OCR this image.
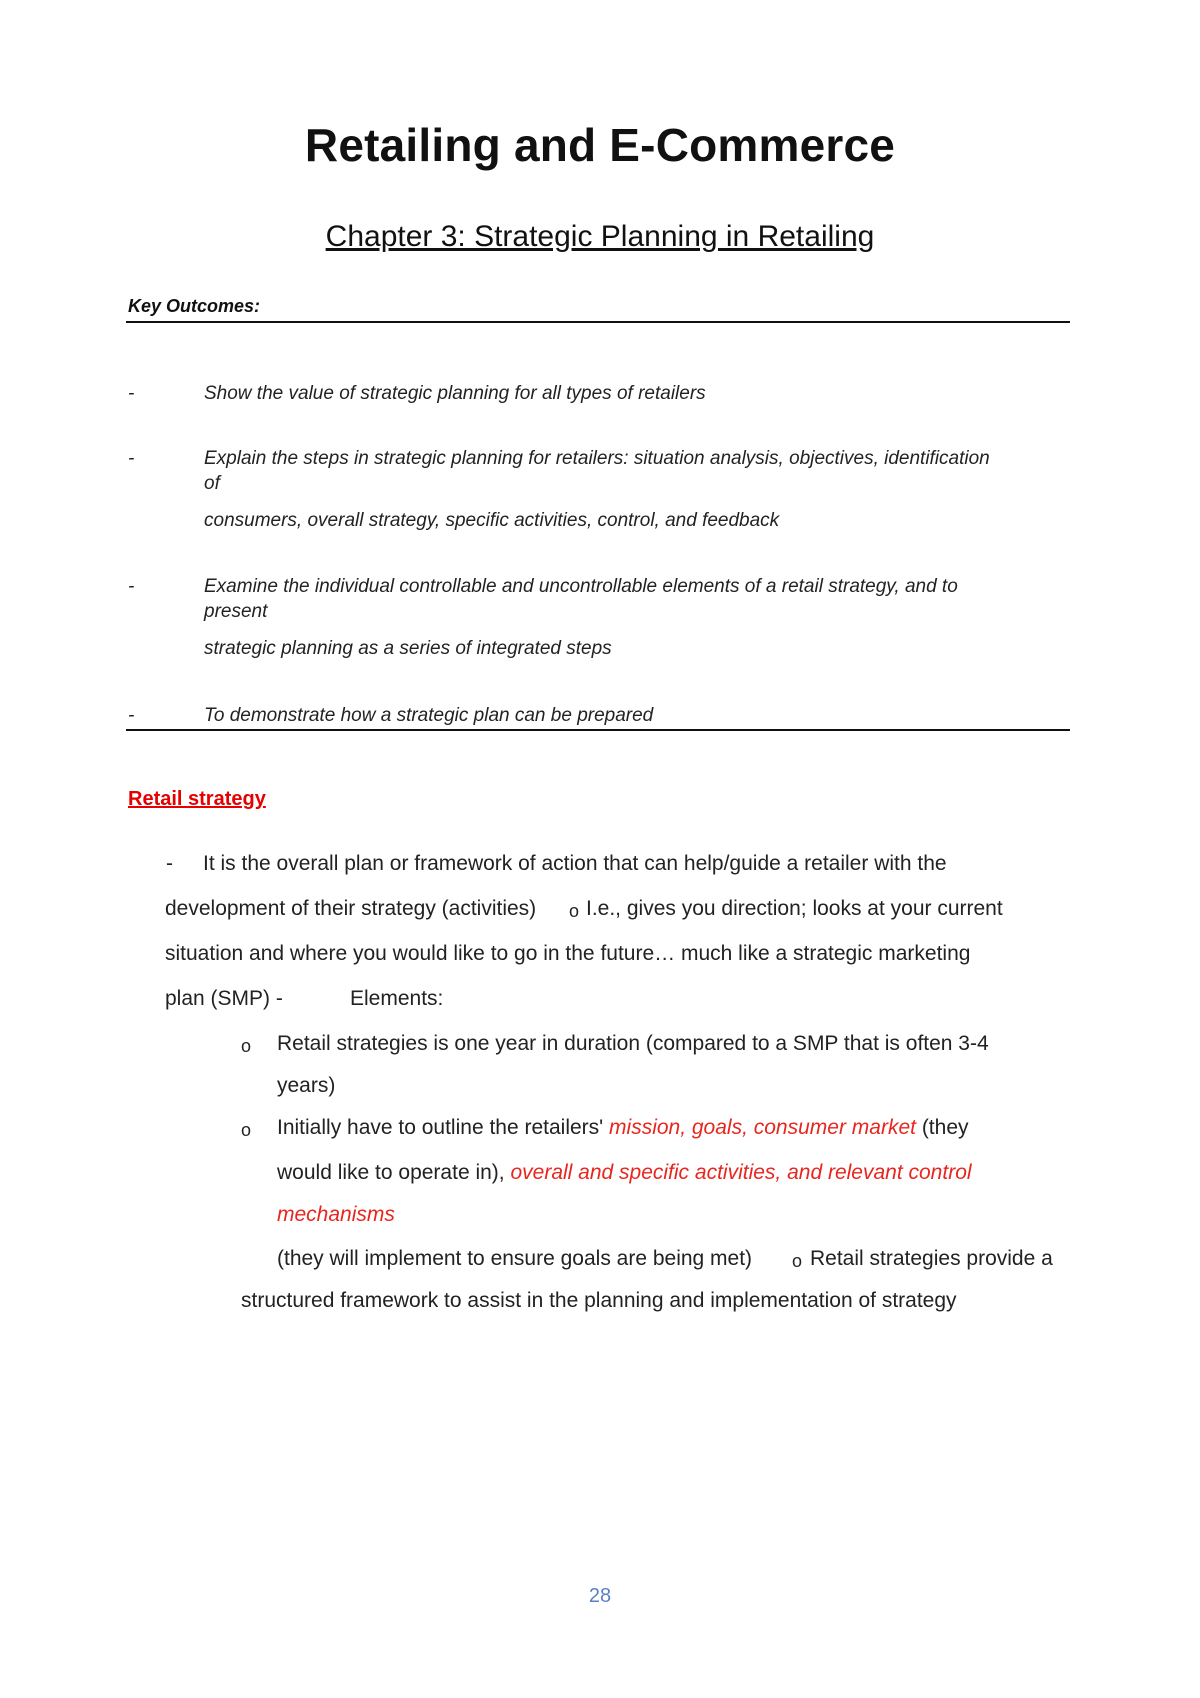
Retailing and E-Commerce
Chapter 3: Strategic Planning in Retailing
Key Outcomes:
-	Show the value of strategic planning for all types of retailers
-	Explain the steps in strategic planning for retailers: situation analysis, objectives, identification
of
consumers, overall strategy, specific activities, control, and feedback
-	Examine the individual controllable and uncontrollable elements of a retail strategy, and to
present
strategic planning as a series of integrated steps
-	To demonstrate how a strategic plan can be prepared
Retail strategy
- It is the overall plan or framework of action that can help/guide a retailer with the
development of their strategy (activities) o I.e., gives you direction; looks at your current
situation and where you would like to go in the future… much like a strategic marketing
plan (SMP) -	Elements:
o Retail strategies is one year in duration (compared to a SMP that is often 3-4
years)
o Initially have to outline the retailers' mission, goals, consumer market (they
would like to operate in), overall and specific activities, and relevant control
mechanisms
(they will implement to ensure goals are being met) o Retail strategies provide a
structured framework to assist in the planning and implementation of strategy
28
